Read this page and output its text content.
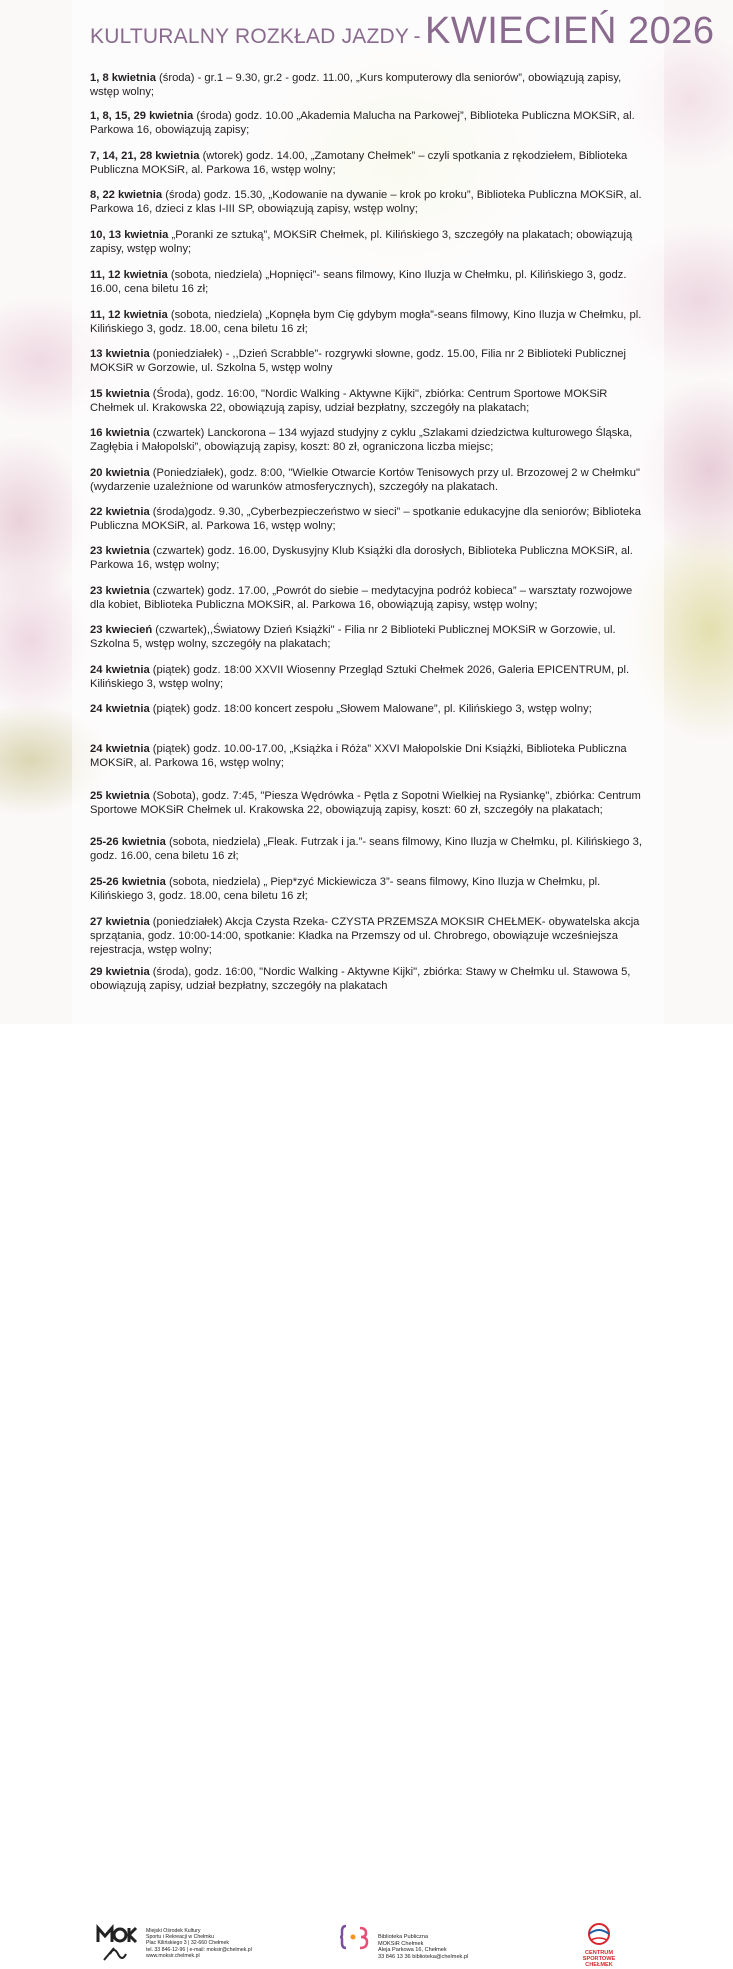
KULTURALNY ROZKŁAD JAZDY - KWIECIEŃ 2026
1, 8 kwietnia (środa) - gr.1 – 9.30, gr.2 - godz. 11.00, „Kurs komputerowy dla seniorów”, obowiązują zapisy, wstęp wolny;
1, 8, 15, 29 kwietnia (środa) godz. 10.00 „Akademia Malucha na Parkowej”, Biblioteka Publiczna MOKSiR, al. Parkowa 16, obowiązują zapisy;
7, 14, 21, 28 kwietnia (wtorek) godz. 14.00, „Zamotany Chełmek” – czyli spotkania z rękodziełem, Biblioteka Publiczna MOKSiR, al. Parkowa 16, wstęp wolny;
8, 22 kwietnia (środa) godz. 15.30, „Kodowanie na dywanie – krok po kroku”, Biblioteka Publiczna MOKSiR, al. Parkowa 16, dzieci z klas I-III SP, obowiązują zapisy, wstęp wolny;
10, 13 kwietnia „Poranki ze sztuką”, MOKSiR Chełmek, pl. Kilińskiego 3, szczegóły na plakatach; obowiązują zapisy, wstęp wolny;
11, 12 kwietnia (sobota, niedziela) „Hopnięci”- seans filmowy, Kino Iluzja w Chełmku, pl. Kilińskiego 3, godz. 16.00, cena biletu 16 zł;
11, 12 kwietnia (sobota, niedziela) „Kopnęła bym Cię gdybym mogła”-seans filmowy, Kino Iluzja w Chełmku, pl. Kilińskiego 3, godz. 18.00, cena biletu 16 zł;
13 kwietnia (poniedziałek) - ,,Dzień Scrabble”- rozgrywki słowne, godz. 15.00, Filia nr 2 Biblioteki Publicznej MOKSiR w Gorzowie, ul. Szkolna 5, wstęp wolny
15 kwietnia (Środa), godz. 16:00, "Nordic Walking - Aktywne Kijki", zbiórka: Centrum Sportowe MOKSiR Chełmek ul. Krakowska 22, obowiązują zapisy, udział bezpłatny, szczegóły na plakatach;
16 kwietnia (czwartek) Lanckorona – 134 wyjazd studyjny z cyklu „Szlakami dziedzictwa kulturowego Śląska, Zagłębia i Małopolski”, obowiązują zapisy, koszt: 80 zł, ograniczona liczba miejsc;
20 kwietnia (Poniedziałek), godz. 8:00, "Wielkie Otwarcie Kortów Tenisowych przy ul. Brzozowej 2 w Chełmku" (wydarzenie uzależnione od warunków atmosferycznych), szczegóły na plakatach.
22 kwietnia (środa)godz. 9.30, „Cyberbezpieczeństwo w sieci” – spotkanie edukacyjne dla seniorów; Biblioteka Publiczna MOKSiR, al. Parkowa 16, wstęp wolny;
23 kwietnia (czwartek) godz. 16.00, Dyskusyjny Klub Książki dla dorosłych, Biblioteka Publiczna MOKSiR, al. Parkowa 16, wstęp wolny;
23 kwietnia (czwartek) godz. 17.00, „Powrót do siebie – medytacyjna podróż kobieca” – warsztaty rozwojowe dla kobiet, Biblioteka Publiczna MOKSiR, al. Parkowa 16, obowiązują zapisy, wstęp wolny;
23 kwiecień (czwartek),,Światowy Dzień Książki" - Filia nr 2 Biblioteki Publicznej MOKSiR w Gorzowie, ul. Szkolna 5, wstęp wolny, szczegóły na plakatach;
24 kwietnia (piątek) godz. 18:00 XXVII Wiosenny Przegląd Sztuki Chełmek 2026, Galeria EPICENTRUM, pl. Kilińskiego 3, wstęp wolny;
24 kwietnia (piątek) godz. 18:00 koncert zespołu „Słowem Malowane”, pl. Kilińskiego 3, wstęp wolny;
24 kwietnia (piątek) godz. 10.00-17.00, „Książka i Róża” XXVI Małopolskie Dni Książki, Biblioteka Publiczna MOKSiR, al. Parkowa 16, wstęp wolny;
25 kwietnia (Sobota), godz. 7:45, "Piesza Wędrówka - Pętla z Sopotni Wielkiej na Rysiankę", zbiórka: Centrum Sportowe MOKSiR Chełmek ul. Krakowska 22, obowiązują zapisy, koszt: 60 zł, szczegóły na plakatach;
25-26 kwietnia (sobota, niedziela) „Fleak. Futrzak i ja.”- seans filmowy, Kino Iluzja w Chełmku, pl. Kilińskiego 3, godz. 16.00, cena biletu 16 zł;
25-26 kwietnia (sobota, niedziela) „ Piep*zyć Mickiewicza 3”- seans filmowy, Kino Iluzja w Chełmku, pl. Kilińskiego 3, godz. 18.00, cena biletu 16 zł;
27 kwietnia (poniedziałek) Akcja Czysta Rzeka- CZYSTA PRZEMSZA MOKSIR CHEŁMEK- obywatelska akcja sprzątania, godz. 10:00-14:00, spotkanie: Kładka na Przemszy od ul. Chrobrego, obowiązuje wcześniejsza rejestracja, wstęp wolny;
29 kwietnia (środa), godz. 16:00, "Nordic Walking - Aktywne Kijki", zbiórka: Stawy w Chełmku ul. Stawowa 5, obowiązują zapisy, udział bezpłatny, szczegóły na plakatach
Miejski Ośrodek Kultury
Sportu i Rekreacji w Chełmku
Plac Kilińskiego 3 | 32-660 Chełmek
tel. 33 846-12-96 | e-mail: moksir@chelmek.pl
www.moksir.chelmek.pl
Biblioteka Publiczna
MOKSiR Chełmek
Aleja Parkowa 16, Chełmek
33 846 13 36 biblioteka@chelmek.pl
CENTRUM
SPORTOWE
CHEŁMEK
